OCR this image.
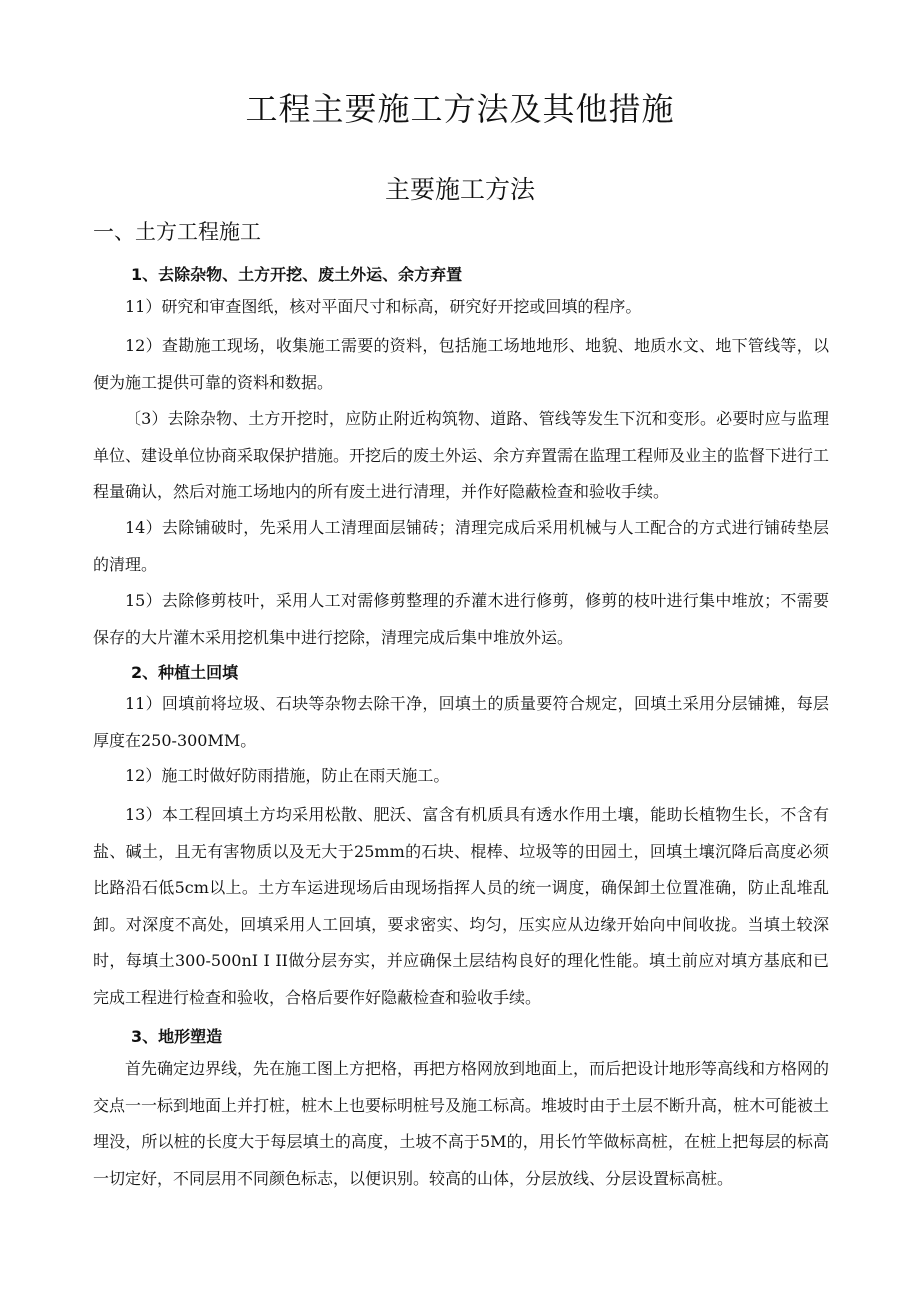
工程主要施工方法及其他措施
主要施工方法
一、土方工程施工
1、去除杂物、土方开挖、废土外运、余方弃置
11）研究和审查图纸，核对平面尺寸和标高，研究好开挖或回填的程序。
12）查勘施工现场，收集施工需要的资料，包括施工场地地形、地貌、地质水文、地下管线等，以便为施工提供可靠的资料和数据。
〔3）去除杂物、土方开挖时，应防止附近构筑物、道路、管线等发生下沉和变形。必要时应与监理单位、建设单位协商采取保护措施。开挖后的废土外运、余方弃置需在监理工程师及业主的监督下进行工程量确认，然后对施工场地内的所有废土进行清理，并作好隐蔽检查和验收手续。
14）去除铺破时，先采用人工清理面层铺砖；清理完成后采用机械与人工配合的方式进行铺砖垫层的清理。
15）去除修剪枝叶，采用人工对需修剪整理的乔灌木进行修剪，修剪的枝叶进行集中堆放；不需要保存的大片灌木采用挖机集中进行挖除，清理完成后集中堆放外运。
2、种植土回填
11）回填前将垃圾、石块等杂物去除干净，回填土的质量要符合规定，回填土采用分层铺摊，每层厚度在250-300MM。
12）施工时做好防雨措施，防止在雨天施工。
13）本工程回填土方均采用松散、肥沃、富含有机质具有透水作用土壤，能助长植物生长，不含有盐、碱土，且无有害物质以及无大于25mm的石块、棍棒、垃圾等的田园土，回填土壤沉降后高度必须比路沿石低5cm以上。土方车运进现场后由现场指挥人员的统一调度，确保卸土位置准确，防止乱堆乱卸。对深度不高处，回填采用人工回填，要求密实、均匀，压实应从边缘开始向中间收拢。当填土较深时，每填土300-500nI I II做分层夯实，并应确保土层结构良好的理化性能。填土前应对填方基底和已完成工程进行检查和验收，合格后要作好隐蔽检查和验收手续。
3、地形塑造
首先确定边界线，先在施工图上方把格，再把方格网放到地面上，而后把设计地形等高线和方格网的交点一一标到地面上并打桩，桩木上也要标明桩号及施工标高。堆坡时由于土层不断升高，桩木可能被土埋没，所以桩的长度大于每层填土的高度，土坡不高于5M的，用长竹竿做标高桩，在桩上把每层的标高一切定好，不同层用不同颜色标志，以便识别。较高的山体，分层放线、分层设置标高桩。
